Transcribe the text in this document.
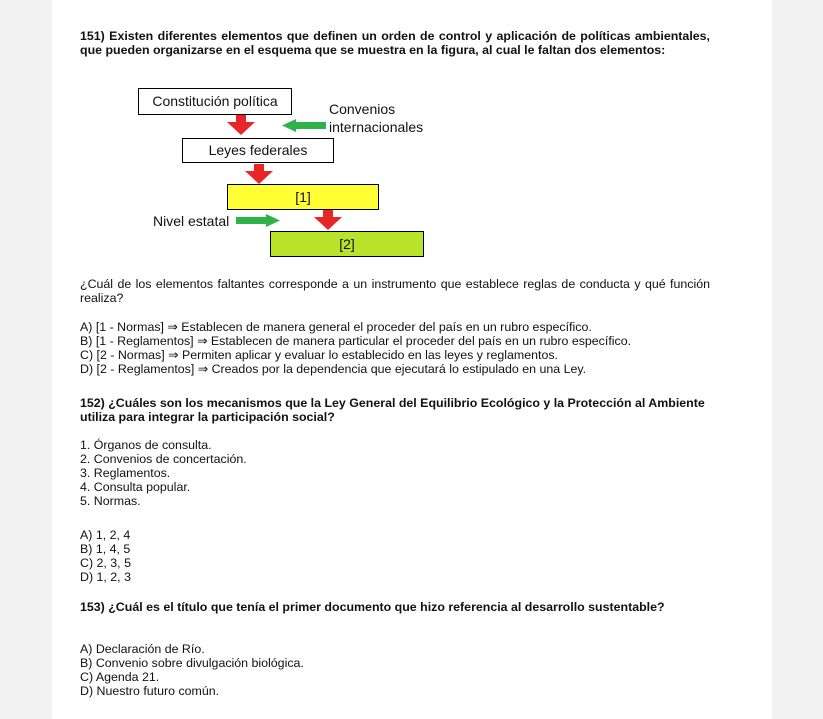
151) Existen diferentes elementos que definen un orden de control y aplicación de políticas ambientales, que pueden organizarse en el esquema que se muestra en la figura, al cual le faltan dos elementos:
Constitución política	Convenios
internacionales
Leyes federales
[1]
Nivel estatal
[2]
¿Cuál de los elementos faltantes corresponde a un instrumento que establece reglas de conducta y qué función realiza?
A) [1 - Normas] ⇒ Establecen de manera general el proceder del país en un rubro específico.
B) [1 - Reglamentos] ⇒ Establecen de manera particular el proceder del país en un rubro específico.
C) [2 - Normas] ⇒ Permiten aplicar y evaluar lo establecido en las leyes y reglamentos.
D) [2 - Reglamentos] ⇒ Creados por la dependencia que ejecutará lo estipulado en una Ley.
152) ¿Cuáles son los mecanismos que la Ley General del Equilibrio Ecológico y la Protección al Ambiente utiliza para integrar la participación social?
1. Órganos de consulta.
2. Convenios de concertación.
3. Reglamentos.
4. Consulta popular.
5. Normas.
A) 1, 2, 4
B) 1, 4, 5
C) 2, 3, 5
D) 1, 2, 3
153) ¿Cuál es el título que tenía el primer documento que hizo referencia al desarrollo sustentable?
A) Declaración de Río.
B) Convenio sobre divulgación biológica.
C) Agenda 21.
D) Nuestro futuro común.
